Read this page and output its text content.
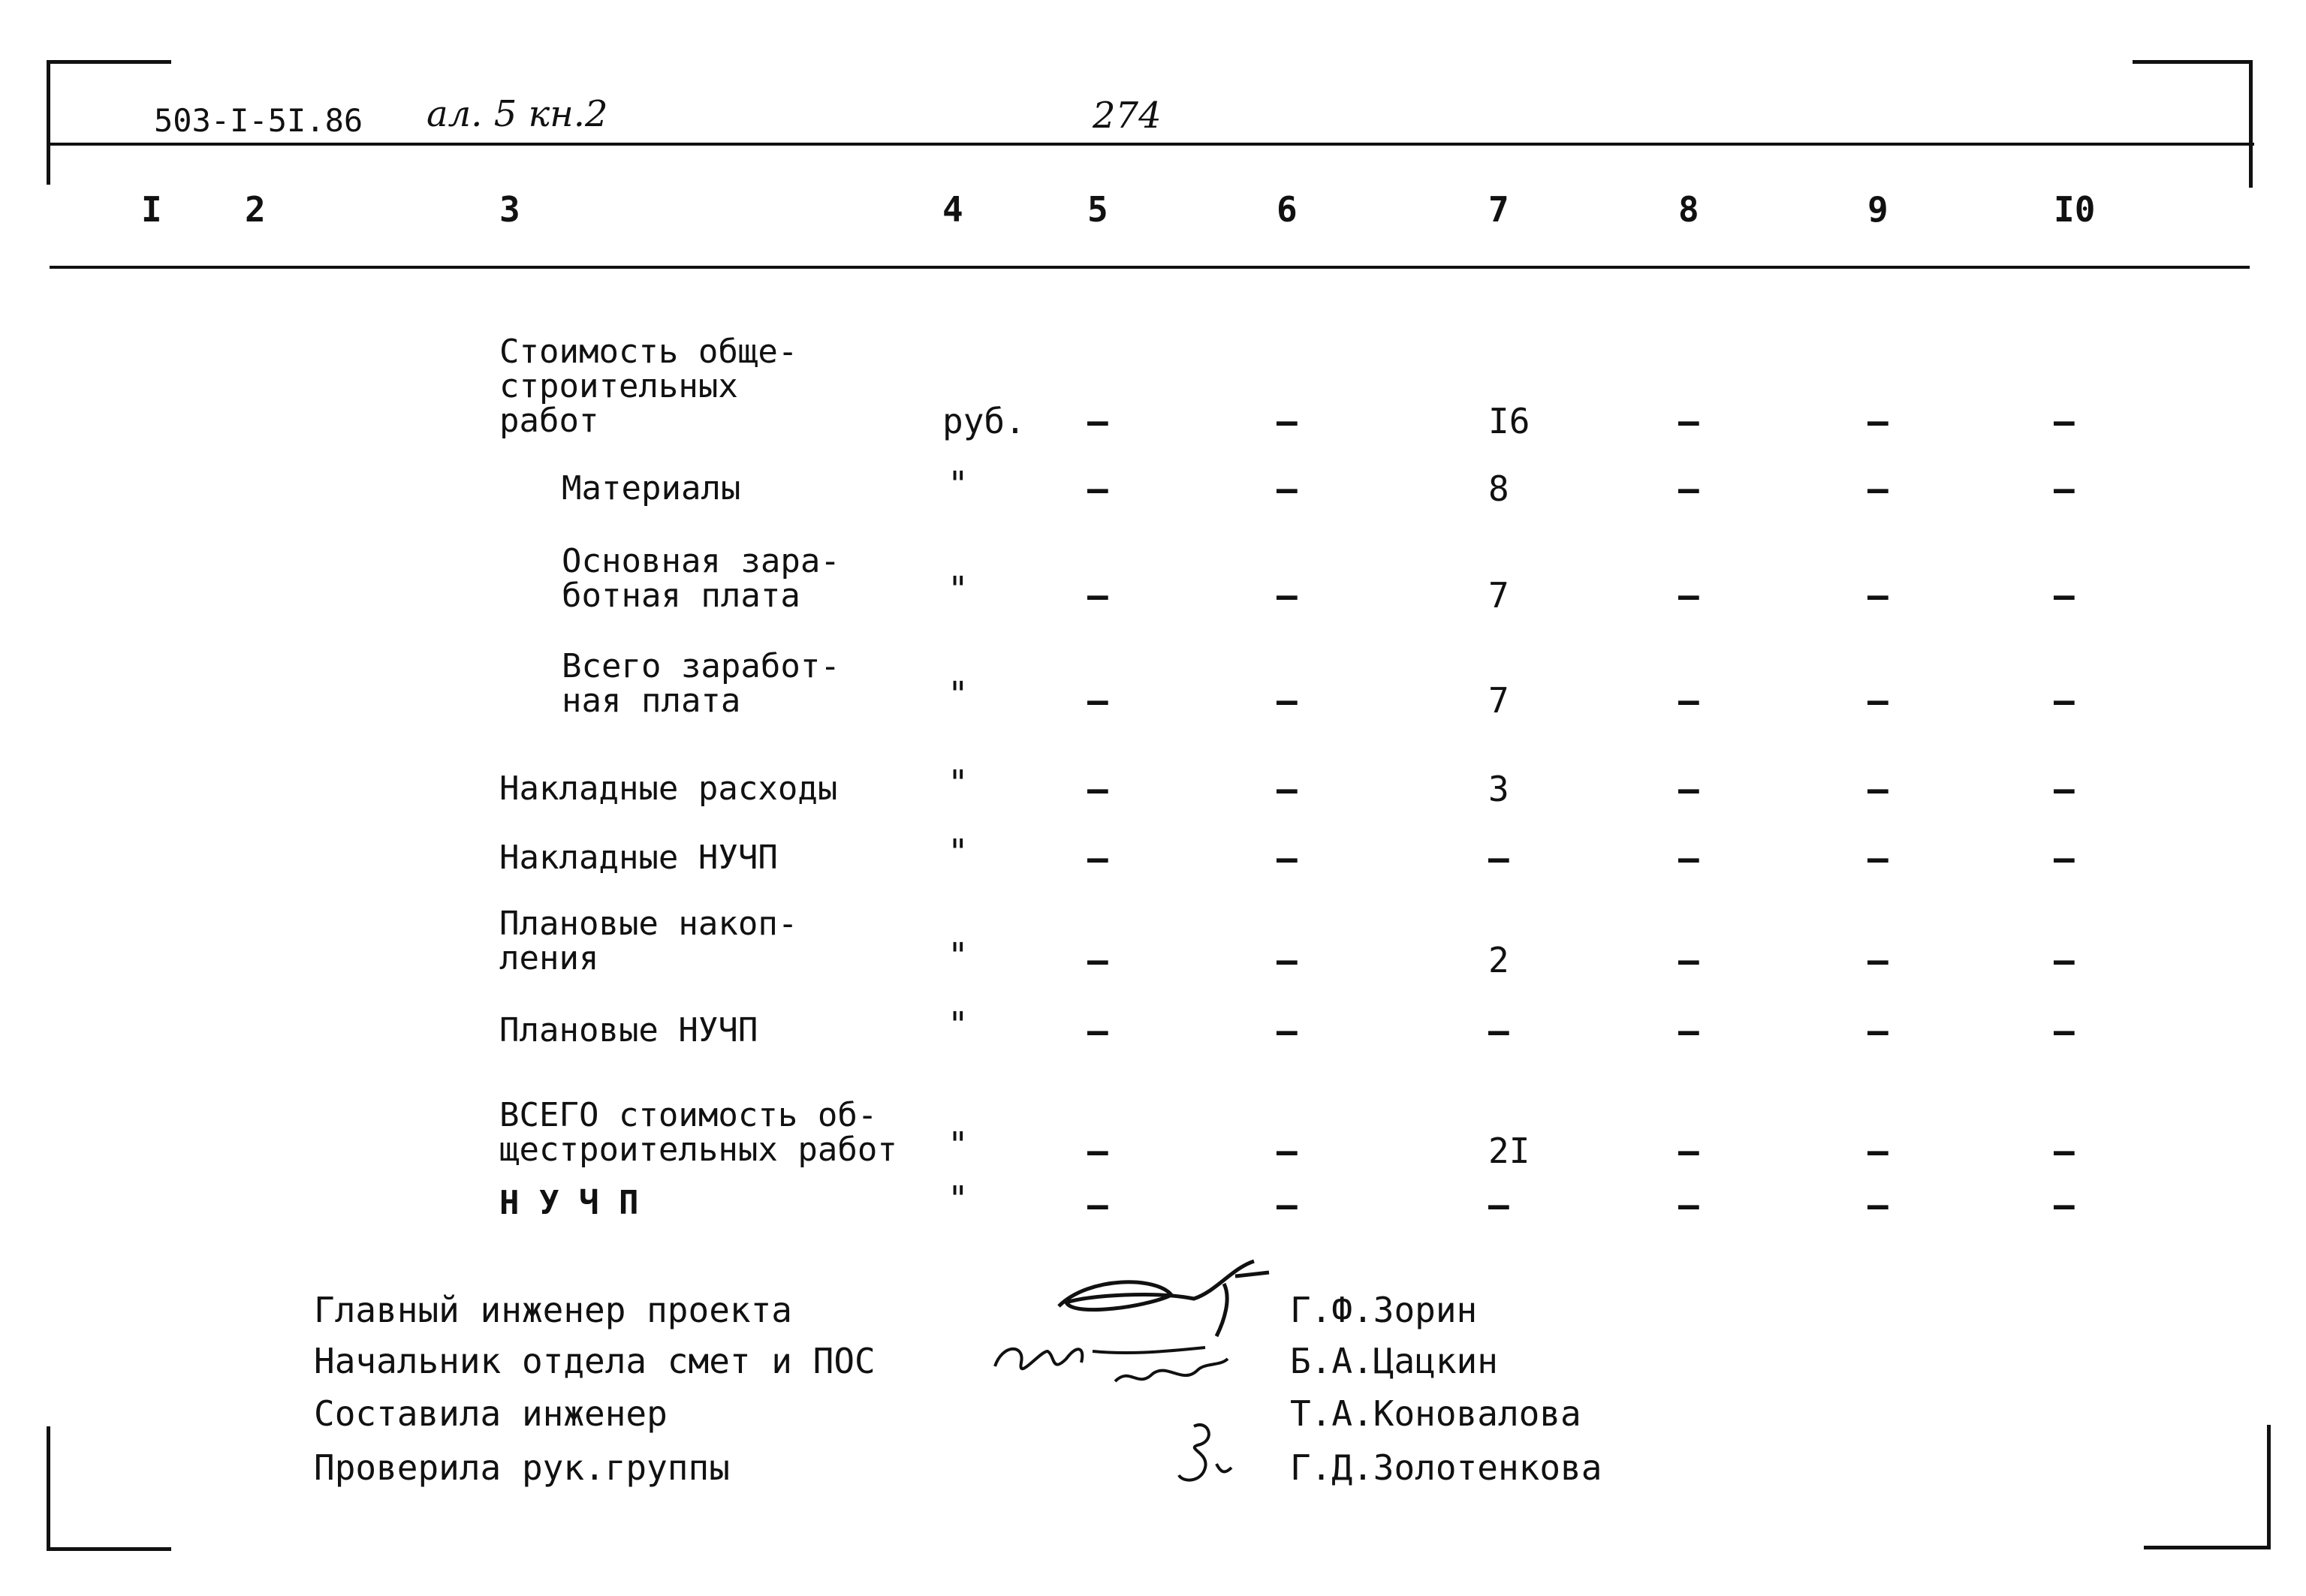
503-I-5I.86 ал. 5 кн.2	274
I 2	3	4	5	6	7	8	9	I0
Стоимость обще-
строительных
работ	руб. –	–	I6	–	–	–
Материалы	"	–	–	8	–	–	–
Основная зара-
ботная плата	"	–	–	7	–	–	–
Всего заработ-
ная плата	"	–	–	7	–	–	–
Накладные расходы	"	–	–	3	–	–	–
Накладные НУЧП	"	–	–	–	–	–	–
Плановые накоп-
ления	"	–	–	2	–	–	–
Плановые НУЧП	"	–	–	–	–	–	–
ВСЕГО стоимость об-
щестроительных работ "	–	–	2I	–	–	–
Н У Ч П	"	–	–	–	–	–	–
Главный инженер проекта	Г.Ф.Зорин
Начальник отдела смет и ПОС	Б.А.Цацкин
Составила инженер	Т.А.Коновалова
Проверила рук.группы	Г.Д.Золотенкова
